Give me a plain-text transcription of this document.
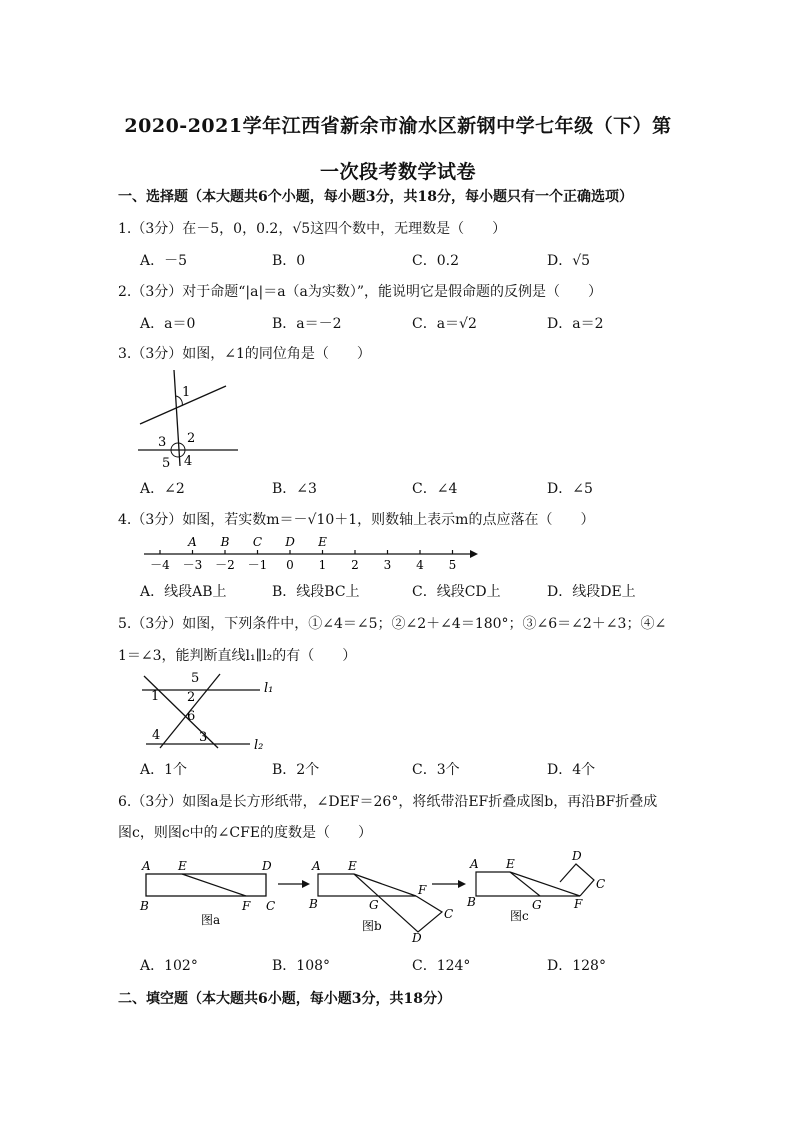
2020-2021学年江西省新余市渝水区新钢中学七年级（下）第一次段考数学试卷
一、选择题（本大题共6个小题，每小题3分，共18分，每小题只有一个正确选项）
1.（3分）在－5，0，0.2，√5这四个数中，无理数是（　　）
A．－5	B．0	C．0.2	D．√5
2.（3分）对于命题“|a|＝a（a为实数）”，能说明它是假命题的反例是（　　）
A．a＝0	B．a＝－2	C．a＝√2	D．a＝2
3.（3分）如图，∠1的同位角是（　　）
1
2
3
4
5
A．∠2	B．∠3	C．∠4	D．∠5
4.（3分）如图，若实数m＝－√10＋1，则数轴上表示m的点应落在（　　）
－4 －3 －2 －1 0 1 2 3 4 5
A B C D E
A．线段AB上	B．线段BC上	C．线段CD上	D．线段DE上
5.（3分）如图，下列条件中，①∠4＝∠5；②∠2＋∠4＝180°；③∠6＝∠2＋∠3；④∠
1＝∠3，能判断直线l₁∥l₂的有（　　）
1 2
3
4
5
6
l₁
l₂
A．1个	B．2个	C．3个	D．4个
6.（3分）如图a是长方形纸带，∠DEF＝26°，将纸带沿EF折叠成图b，再沿BF折叠成
图c，则图c中的∠CFE的度数是（　　）
A E	D
B	F C
图a
A E
B	G
F
C
D
图b
A E
B	G	F
C
D
图c
A．102°	B．108°	C．124°	D．128°
二、填空题（本大题共6小题，每小题3分，共18分）
